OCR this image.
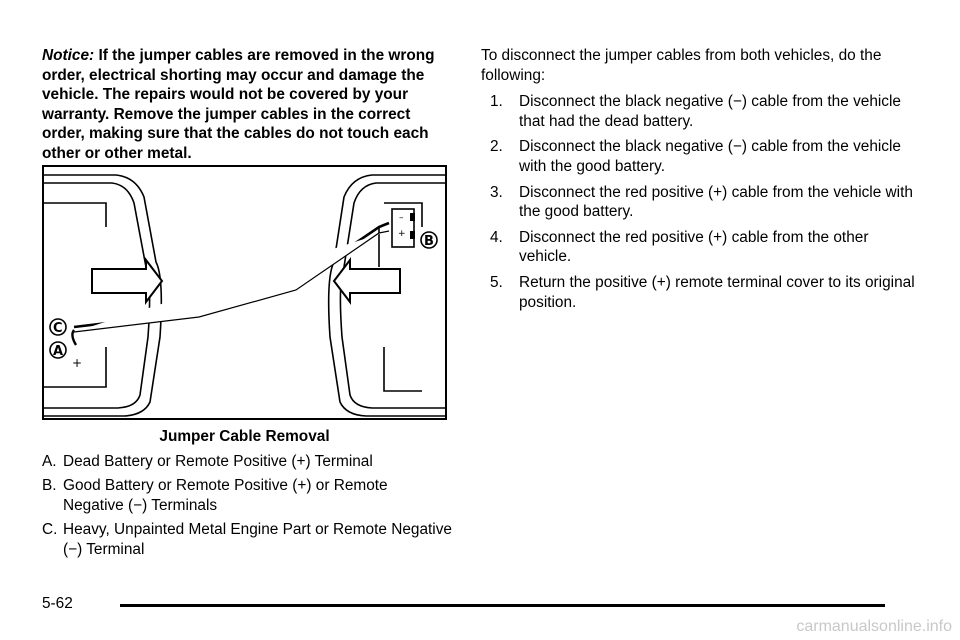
Notice: If the jumper cables are removed in the wrong order, electrical shorting may occur and damage the vehicle. The repairs would not be covered by your warranty. Remove the jumper cables in the correct order, making sure that the cables do not touch each other or other metal.

–
+
C
A
+
B
Jumper Cable Removal
A. Dead Battery or Remote Positive (+) Terminal
B. Good Battery or Remote Positive (+) or Remote Negative (−) Terminals
C. Heavy, Unpainted Metal Engine Part or Remote Negative (−) Terminal

To disconnect the jumper cables from both vehicles, do the following:

1. Disconnect the black negative (−) cable from the vehicle that had the dead battery.
2. Disconnect the black negative (−) cable from the vehicle with the good battery.
3. Disconnect the red positive (+) cable from the vehicle with the good battery.
4. Disconnect the red positive (+) cable from the other vehicle.
5. Return the positive (+) remote terminal cover to its original position.
5-62
carmanualsonline.info
